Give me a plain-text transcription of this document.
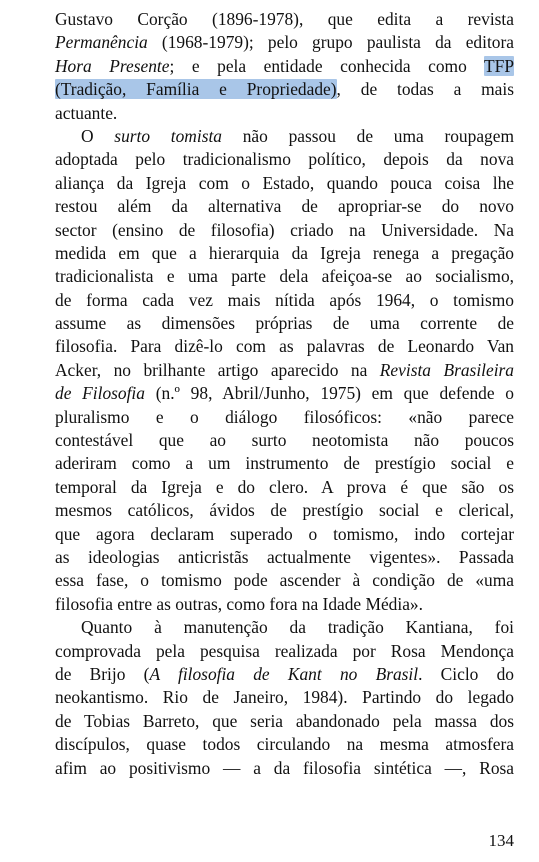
Gustavo Corção (1896-1978), que edita a revista
Permanência (1968-1979); pelo grupo paulista da editora
Hora Presente; e pela entidade conhecida como TFP
(Tradição, Família e Propriedade), de todas a mais
actuante.
O surto tomista não passou de uma roupagem
adoptada pelo tradicionalismo político, depois da nova
aliança da Igreja com o Estado, quando pouca coisa lhe
restou além da alternativa de apropriar-se do novo
sector (ensino de filosofia) criado na Universidade. Na
medida em que a hierarquia da Igreja renega a pregação
tradicionalista e uma parte dela afeiçoa-se ao socialismo,
de forma cada vez mais nítida após 1964, o tomismo
assume as dimensões próprias de uma corrente de
filosofia. Para dizê-lo com as palavras de Leonardo Van
Acker, no brilhante artigo aparecido na Revista Brasileira
de Filosofia (n.º 98, Abril/Junho, 1975) em que defende o
pluralismo e o diálogo filosóficos: «não parece
contestável que ao surto neotomista não poucos
aderiram como a um instrumento de prestígio social e
temporal da Igreja e do clero. A prova é que são os
mesmos católicos, ávidos de prestígio social e clerical,
que agora declaram superado o tomismo, indo cortejar
as ideologias anticristãs actualmente vigentes». Passada
essa fase, o tomismo pode ascender à condição de «uma
filosofia entre as outras, como fora na Idade Média».
Quanto à manutenção da tradição Kantiana, foi
comprovada pela pesquisa realizada por Rosa Mendonça
de Brijo (A filosofia de Kant no Brasil. Ciclo do
neokantismo. Rio de Janeiro, 1984). Partindo do legado
de Tobias Barreto, que seria abandonado pela massa dos
discípulos, quase todos circulando na mesma atmosfera
afim ao positivismo — a da filosofia sintética —, Rosa
134
